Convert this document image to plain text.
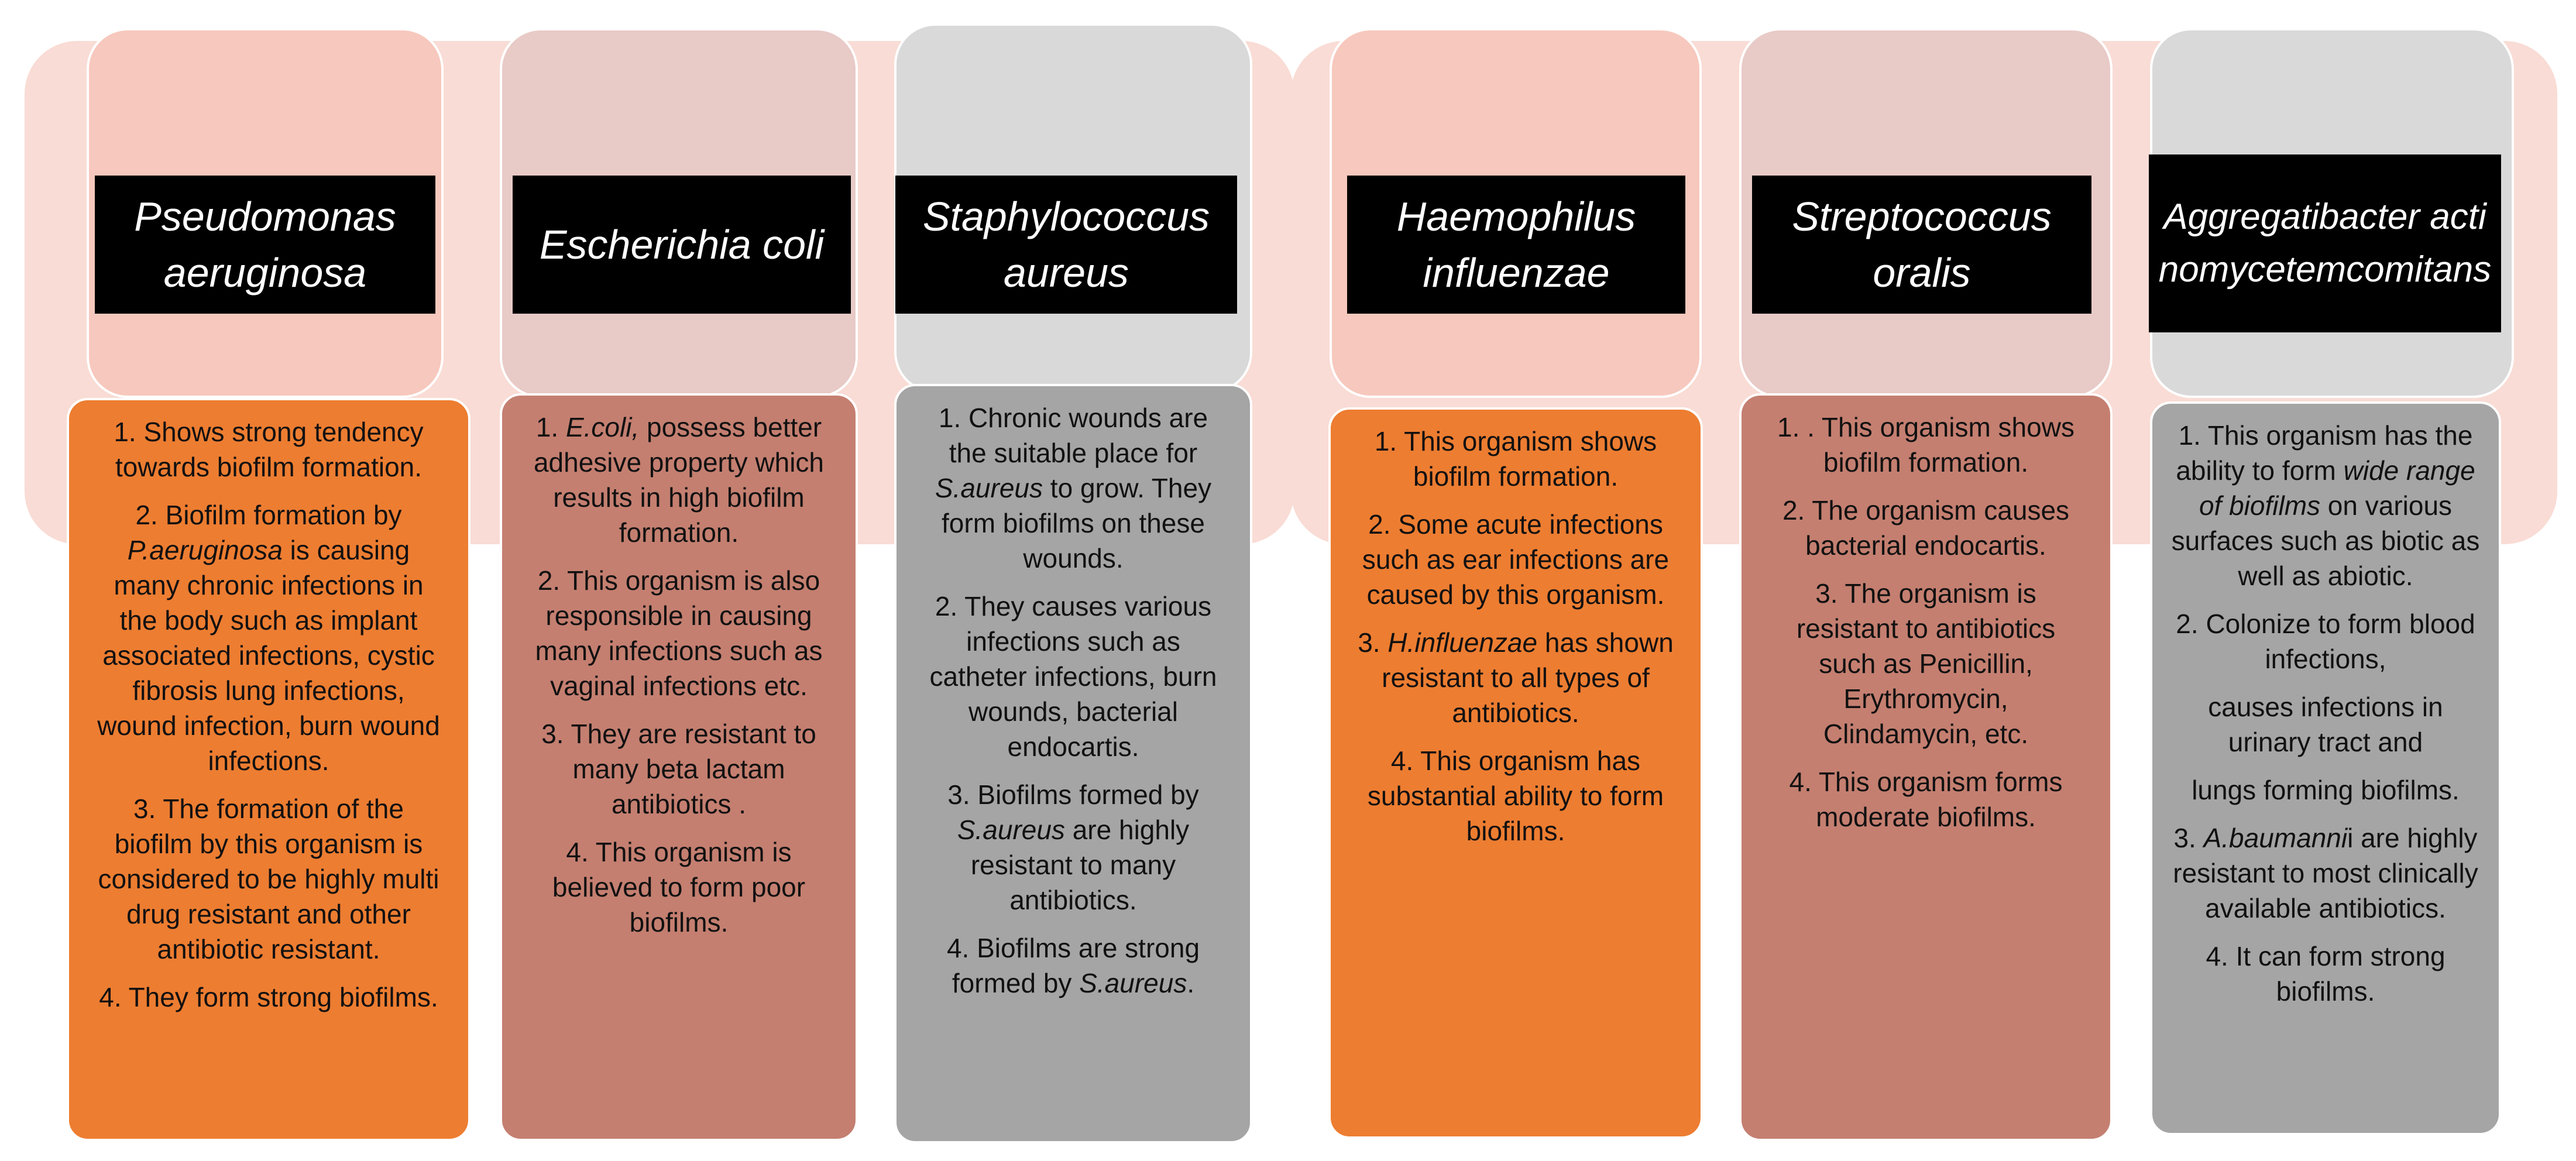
Pseudomonas aeruginosa

1. Shows strong tendency towards biofilm formation.

2. Biofilm formation by P.aeruginosa is causing many chronic infections in the body such as implant associated infections, cystic fibrosis lung infections, wound infection, burn wound infections.

3. The formation of the biofilm by this organism is considered to be highly multi drug resistant and other antibiotic resistant.

4. They form strong biofilms.

Escherichia coli

1. E.coli, possess better adhesive property which results in high biofilm formation.

2. This organism is also responsible in causing many infections such as vaginal infections etc.

3. They are resistant to many beta lactam antibiotics .

4. This organism is believed to form poor biofilms.

Staphylococcus aureus

1. Chronic wounds are the suitable place for S.aureus to grow. They form biofilms on these wounds.

2. They causes various infections such as catheter infections, burn wounds, bacterial endocartis.

3. Biofilms formed by S.aureus are highly resistant to many antibiotics.

4. Biofilms are strong formed by S.aureus.

Haemophilus influenzae

1. This organism shows biofilm formation.

2. Some acute infections such as ear infections are caused by this organism.

3. H.influenzae has shown resistant to all types of antibiotics.

4. This organism has substantial ability to form biofilms.

Streptococcus oralis

1. . This organism shows biofilm formation.

2. The organism causes bacterial endocartis.

3. The organism is resistant to antibiotics such as Penicillin, Erythromycin, Clindamycin, etc.

4. This organism forms moderate biofilms.

Aggregatibacter actinomycetemcomitans

1. This organism has the ability to form wide range of biofilms on various surfaces such as biotic as well as abiotic.

2. Colonize to form blood infections,

causes infections in urinary tract and

lungs forming biofilms.

3. A.baumannii are highly resistant to most clinically available antibiotics.

4. It can form strong biofilms.
